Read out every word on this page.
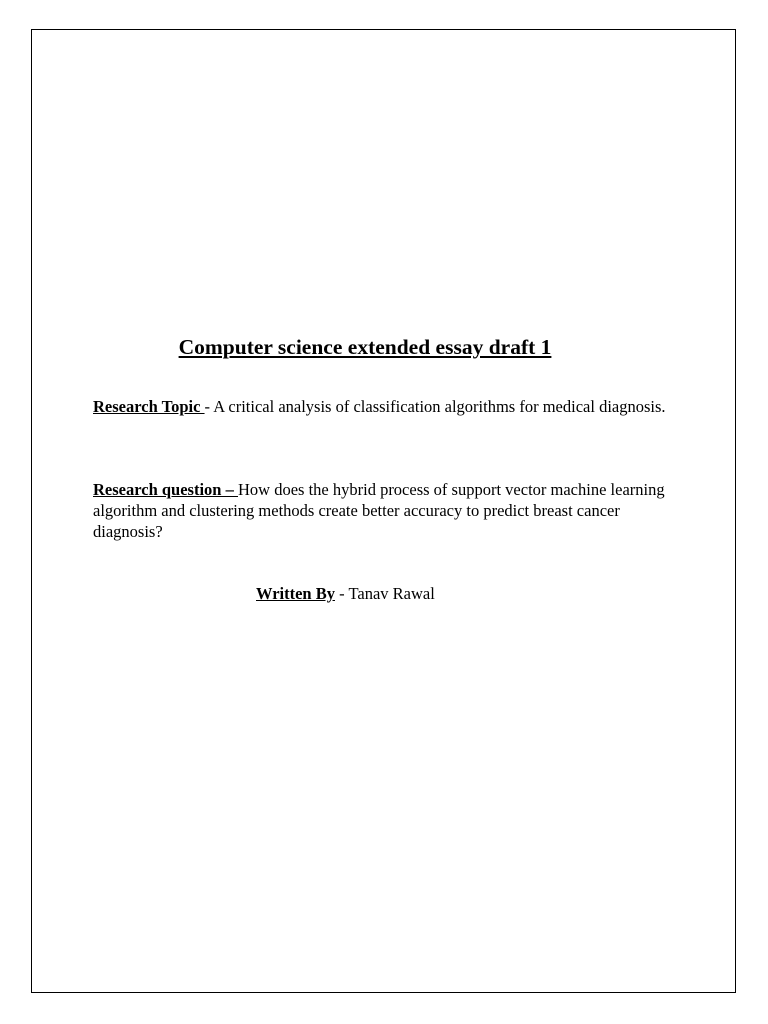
Computer science extended essay draft 1
Research Topic - A critical analysis of classification algorithms for medical diagnosis.
Research question – How does the hybrid process of support vector machine learning algorithm and clustering methods create better accuracy to predict breast cancer diagnosis?
Written By - Tanav Rawal
